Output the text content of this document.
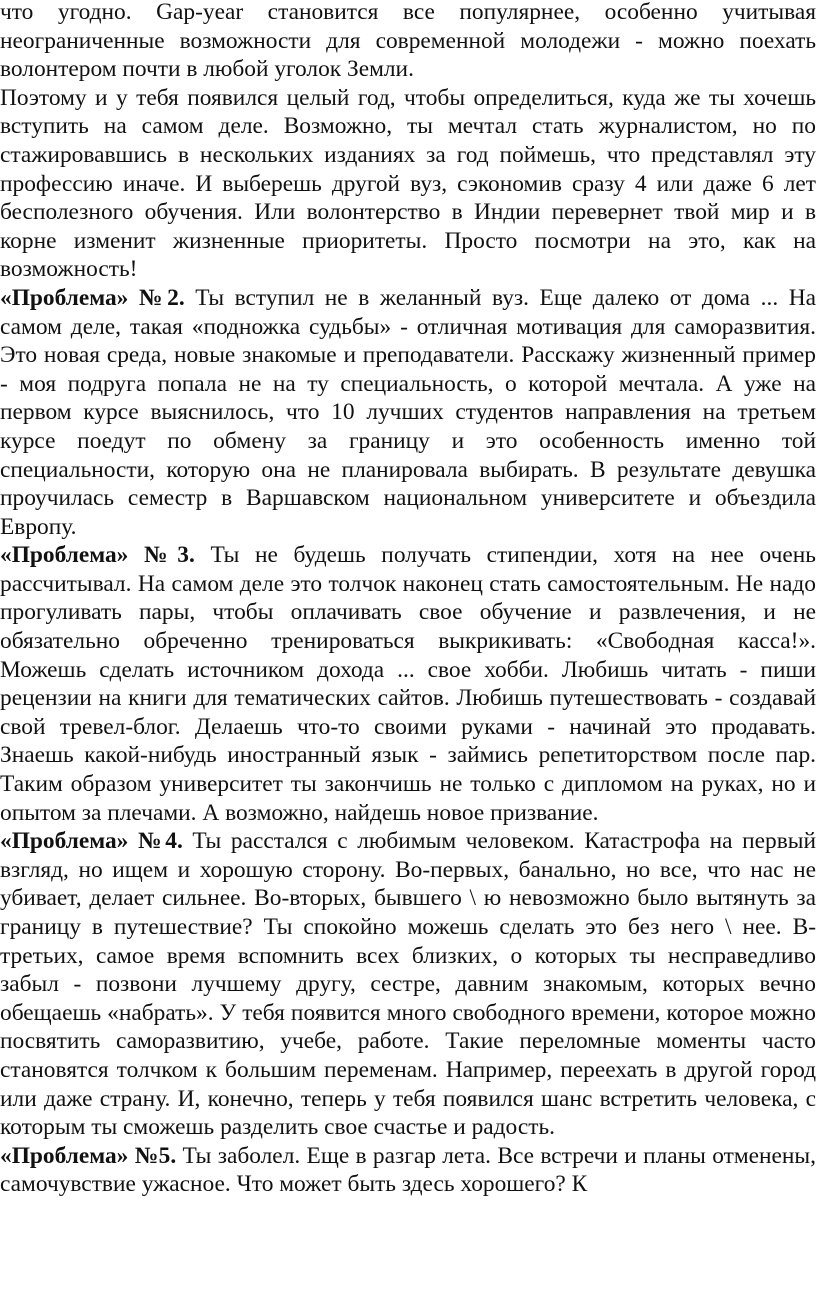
что угодно. Gap-year становится все популярнее, особенно учитывая неограниченные возможности для современной молодежи - можно поехать волонтером почти в любой уголок Земли.

Поэтому и у тебя появился целый год, чтобы определиться, куда же ты хочешь вступить на самом деле. Возможно, ты мечтал стать журналистом, но по стажировавшись в нескольких изданиях за год поймешь, что представлял эту профессию иначе. И выберешь другой вуз, сэкономив сразу 4 или даже 6 лет бесполезного обучения. Или волонтерство в Индии перевернет твой мир и в корне изменит жизненные приоритеты. Просто посмотри на это, как на возможность!

«Проблема» №2. Ты вступил не в желанный вуз. Еще далеко от дома ... На самом деле, такая «подножка судьбы» - отличная мотивация для саморазвития. Это новая среда, новые знакомые и преподаватели. Расскажу жизненный пример - моя подруга попала не на ту специальность, о которой мечтала. А уже на первом курсе выяснилось, что 10 лучших студентов направления на третьем курсе поедут по обмену за границу и это особенность именно той специальности, которую она не планировала выбирать. В результате девушка проучилась семестр в Варшавском национальном университете и объездила Европу.

«Проблема» №3. Ты не будешь получать стипендии, хотя на нее очень рассчитывал. На самом деле это толчок наконец стать самостоятельным. Не надо прогуливать пары, чтобы оплачивать свое обучение и развлечения, и не обязательно обреченно тренироваться выкрикивать: «Свободная касса!». Можешь сделать источником дохода ... свое хобби. Любишь читать - пиши рецензии на книги для тематических сайтов. Любишь путешествовать - создавай свой тревел-блог. Делаешь что-то своими руками - начинай это продавать. Знаешь какой-нибудь иностранный язык - займись репетиторством после пар. Таким образом университет ты закончишь не только с дипломом на руках, но и опытом за плечами. А возможно, найдешь новое призвание.

«Проблема» №4. Ты расстался с любимым человеком. Катастрофа на первый взгляд, но ищем и хорошую сторону. Во-первых, банально, но все, что нас не убивает, делает сильнее. Во-вторых, бывшего \ ю невозможно было вытянуть за границу в путешествие? Ты спокойно можешь сделать это без него \ нее. В-третьих, самое время вспомнить всех близких, о которых ты несправедливо забыл - позвони лучшему другу, сестре, давним знакомым, которых вечно обещаешь «набрать». У тебя появится много свободного времени, которое можно посвятить саморазвитию, учебе, работе. Такие переломные моменты часто становятся толчком к большим переменам. Например, переехать в другой город или даже страну. И, конечно, теперь у тебя появился шанс встретить человека, с которым ты сможешь разделить свое счастье и радость.

«Проблема» №5. Ты заболел. Еще в разгар лета. Все встречи и планы отменены, самочувствие ужасное. Что может быть здесь хорошего? К
